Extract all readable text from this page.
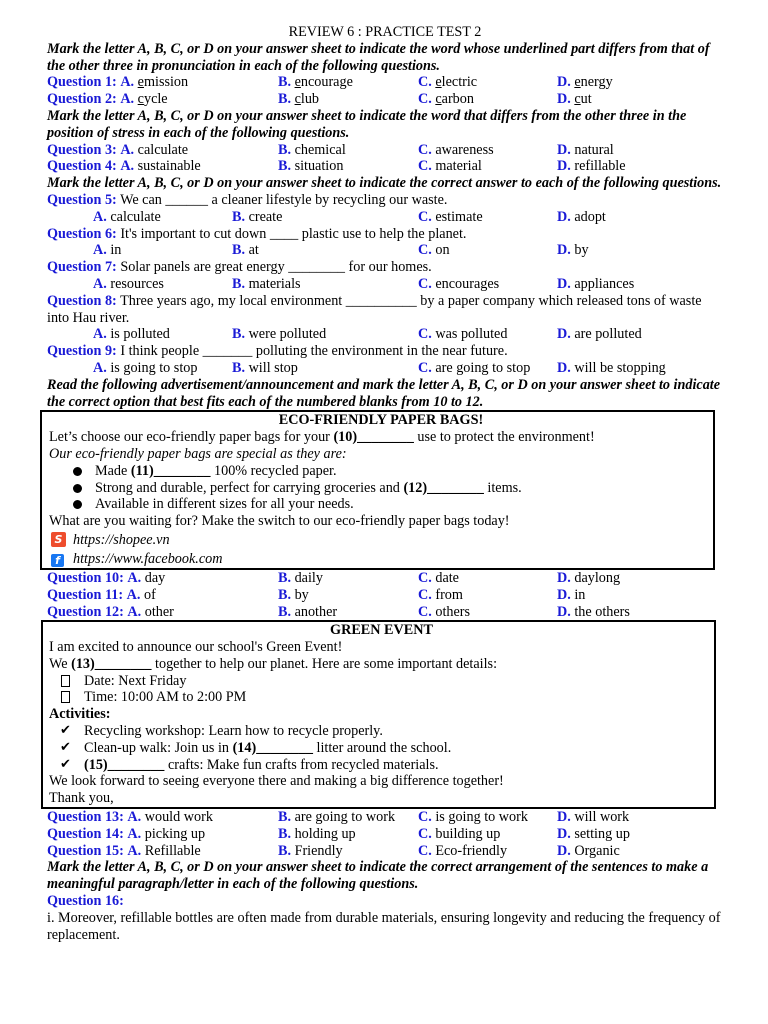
REVIEW 6 : PRACTICE TEST 2

Mark the letter A, B, C, or D on your answer sheet to indicate the word whose underlined part differs from that of the other three in pronunciation in each of the following questions.

Question 1: A. emission	B. encourage	C. electric	D. energy
Question 2: A. cycle	B. club	C. carbon	D. cut

Mark the letter A, B, C, or D on your answer sheet to indicate the word that differs from the other three in the position of stress in each of the following questions.

Question 3: A. calculate	B. chemical	C. awareness	D. natural
Question 4: A. sustainable	B. situation	C. material	D. refillable

Mark the letter A, B, C, or D on your answer sheet to indicate the correct answer to each of the following questions.

Question 5: We can ______ a cleaner lifestyle by recycling our waste.

A. calculate	B. create	C. estimate	D. adopt

Question 6: It's important to cut down ____ plastic use to help the planet.

A. in	B. at	C. on	D. by

Question 7: Solar panels are great energy ________ for our homes.

A. resources	B. materials	C. encourages	D. appliances

Question 8: Three years ago, my local environment __________ by a paper company which released tons of waste into Hau river.

A. is polluted	B. were polluted	C. was polluted	D. are polluted

Question 9: I think people _______ polluting the environment in the near future.

A. is going to stop B. will stop	C. are going to stop D. will be stopping

Read the following advertisement/announcement and mark the letter A, B, C, or D on your answer sheet to indicate the correct option that best fits each of the numbered blanks from 10 to 12.

ECO-FRIENDLY PAPER BAGS!
Let’s choose our eco-friendly paper bags for your (10)________ use to protect the environment!
Our eco-friendly paper bags are special as they are:
Made (11)________ 100% recycled paper.
Strong and durable, perfect for carrying groceries and (12)________ items.
Available in different sizes for all your needs.
What are you waiting for? Make the switch to our eco-friendly paper bags today!
S https://shopee.vn
f https://www.facebook.com
Question 10: A. day	B. daily	C. date	D. daylong
Question 11: A. of	B. by	C. from	D. in
Question 12: A. other	B. another	C. others	D. the others
GREEN EVENT
I am excited to announce our school's Green Event!
We (13)________ together to help our planet. Here are some important details:
Date: Next Friday
Time: 10:00 AM to 2:00 PM
Activities:
✔ Recycling workshop: Learn how to recycle properly.
✔ Clean-up walk: Join us in (14)________ litter around the school.
✔ (15)________ crafts: Make fun crafts from recycled materials.
We look forward to seeing everyone there and making a big difference together!
Thank you,
Question 13: A. would work	B. are going to work C. is going to work D. will work
Question 14: A. picking up	B. holding up	C. building up	D. setting up
Question 15: A. Refillable	B. Friendly	C. Eco-friendly	D. Organic

Mark the letter A, B, C, or D on your answer sheet to indicate the correct arrangement of the sentences to make a meaningful paragraph/letter in each of the following questions.

Question 16:

i. Moreover, refillable bottles are often made from durable materials, ensuring longevity and reducing the frequency of replacement.
